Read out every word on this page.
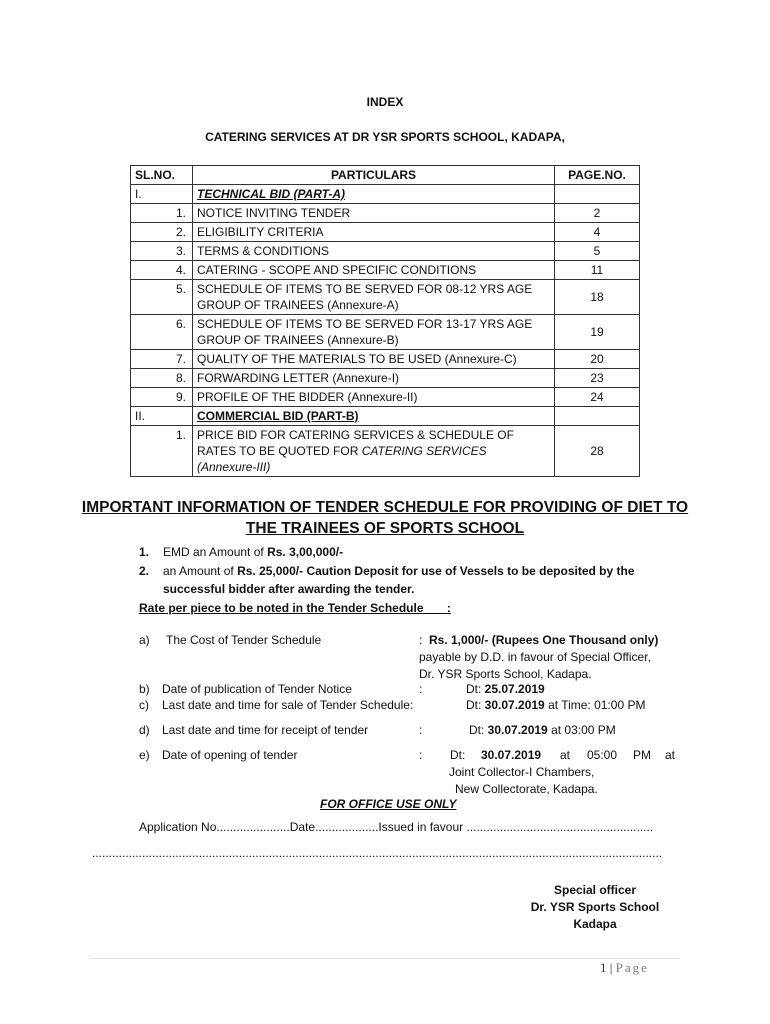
INDEX
CATERING SERVICES AT DR YSR SPORTS SCHOOL, KADAPA,
SL.NO.	PARTICULARS	PAGE.NO.
I.	TECHNICAL BID (PART-A)	
1.	NOTICE INVITING TENDER	2
2.	ELIGIBILITY CRITERIA	4
3.	TERMS & CONDITIONS	5
4.	CATERING - SCOPE AND SPECIFIC CONDITIONS	11
5.	SCHEDULE OF ITEMS TO BE SERVED FOR 08-12 YRS AGE
GROUP OF TRAINEES (Annexure-A)	18
6.	SCHEDULE OF ITEMS TO BE SERVED FOR 13-17 YRS AGE
GROUP OF TRAINEES (Annexure-B)	19
7.	QUALITY OF THE MATERIALS TO BE USED (Annexure-C)	20
8.	FORWARDING LETTER (Annexure-I)	23
9.	PROFILE OF THE BIDDER (Annexure-II)	24
II.	COMMERCIAL BID (PART-B)	
1.	PRICE BID FOR CATERING SERVICES & SCHEDULE OF
RATES TO BE QUOTED FOR CATERING SERVICES
(Annexure-III)	28
IMPORTANT INFORMATION OF TENDER SCHEDULE FOR PROVIDING OF DIET TO THE TRAINEES OF SPORTS SCHOOL
1. EMD an Amount of Rs. 3,00,000/-
2. an Amount of Rs. 25,000/- Caution Deposit for use of Vessels to be deposited by the
successful bidder after awarding the tender.
Rate per piece to be noted in the Tender Schedule :
a) The Cost of Tender Schedule	: Rs. 1,000/- (Rupees One Thousand only)
payable by D.D. in favour of Special Officer,
Dr. YSR Sports School, Kadapa.
b) Date of publication of Tender Notice	:	Dt: 25.07.2019
c) Last date and time for sale of Tender Schedule:	Dt: 30.07.2019 at Time: 01:00 PM
d) Last date and time for receipt of tender	:	Dt: 30.07.2019 at 03:00 PM
e) Date of opening of tender	: Dt: 30.07.2019 at 05:00 PM at
Joint Collector-I Chambers,
New Collectorate, Kadapa.
FOR OFFICE USE ONLY
Application No......................Date...................Issued in favour ........................................................
...........................................................................................................................................................................
Special officer
Dr. YSR Sports School
Kadapa
1 | Page
